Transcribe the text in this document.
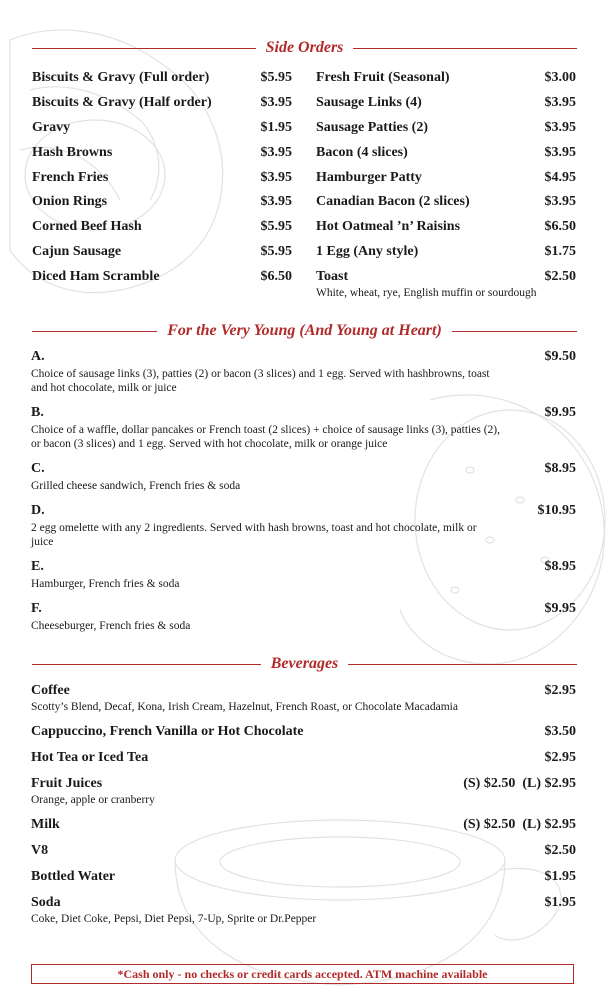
Side Orders
Biscuits & Gravy (Full order)	$5.95
Biscuits & Gravy (Half order)	$3.95
Gravy	$1.95
Hash Browns	$3.95
French Fries	$3.95
Onion Rings	$3.95
Corned Beef Hash	$5.95
Cajun Sausage	$5.95
Diced Ham Scramble	$6.50
Fresh Fruit (Seasonal)	$3.00
Sausage Links (4)	$3.95
Sausage Patties (2)	$3.95
Bacon (4 slices)	$3.95
Hamburger Patty	$4.95
Canadian Bacon (2 slices)	$3.95
Hot Oatmeal ’n’ Raisins	$6.50
1 Egg (Any style)	$1.75
Toast	$2.50
White, wheat, rye, English muffin or sourdough
For the Very Young (And Young at Heart)
A.	$9.50
Choice of sausage links (3), patties (2) or bacon (3 slices) and 1 egg. Served with hashbrowns, toast and hot chocolate, milk or juice
B.	$9.95
Choice of a waffle, dollar pancakes or French toast (2 slices) + choice of sausage links (3), patties (2), or bacon (3 slices) and 1 egg. Served with hot chocolate, milk or orange juice
C.	$8.95
Grilled cheese sandwich, French fries & soda
D.	$10.95
2 egg omelette with any 2 ingredients. Served with hash browns, toast and hot chocolate, milk or juice
E.	$8.95
Hamburger, French fries & soda
F.	$9.95
Cheeseburger, French fries & soda
Beverages
Coffee	$2.95
Scotty’s Blend, Decaf, Kona, Irish Cream, Hazelnut, French Roast, or Chocolate Macadamia
Cappuccino, French Vanilla or Hot Chocolate	$3.50
Hot Tea or Iced Tea	$2.95
Fruit Juices	(S) $2.50  (L) $2.95
Orange, apple or cranberry
Milk	(S) $2.50  (L) $2.95
V8	$2.50
Bottled Water	$1.95
Soda	$1.95
Coke, Diet Coke, Pepsi, Diet Pepsi, 7-Up, Sprite or Dr.Pepper
*Cash only - no checks or credit cards accepted. ATM machine available
